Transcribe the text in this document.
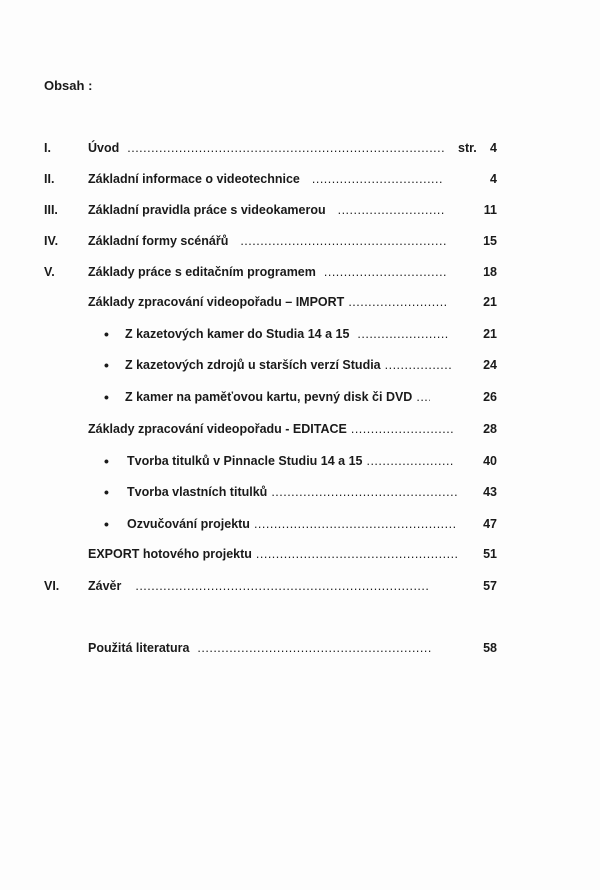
Obsah :
I.	Úvod .....	str. 4
II.	Základní informace o videotechnice .....	4
III. Základní pravidla práce s videokamerou .....	11
IV. Základní formy scénářů .....	15
V.	Základy práce s editačním programem .....	18
Základy zpracování videopořadu – IMPORT .....	21
• Z kazetových kamer do Studia 14 a 15 .....	21
• Z kazetových zdrojů u starších verzí Studia .....	24
• Z kamer na paměťovou kartu, pevný disk či DVD .....	26
Základy zpracování videopořadu - EDITACE .....	28
• Tvorba titulků v Pinnacle Studiu 14 a 15 .....	40
• Tvorba vlastních titulků .....	43
• Ozvučování projektu .....	47
EXPORT hotového projektu .....	51
VI. Závěr .....	57
Použitá literatura .....	58
